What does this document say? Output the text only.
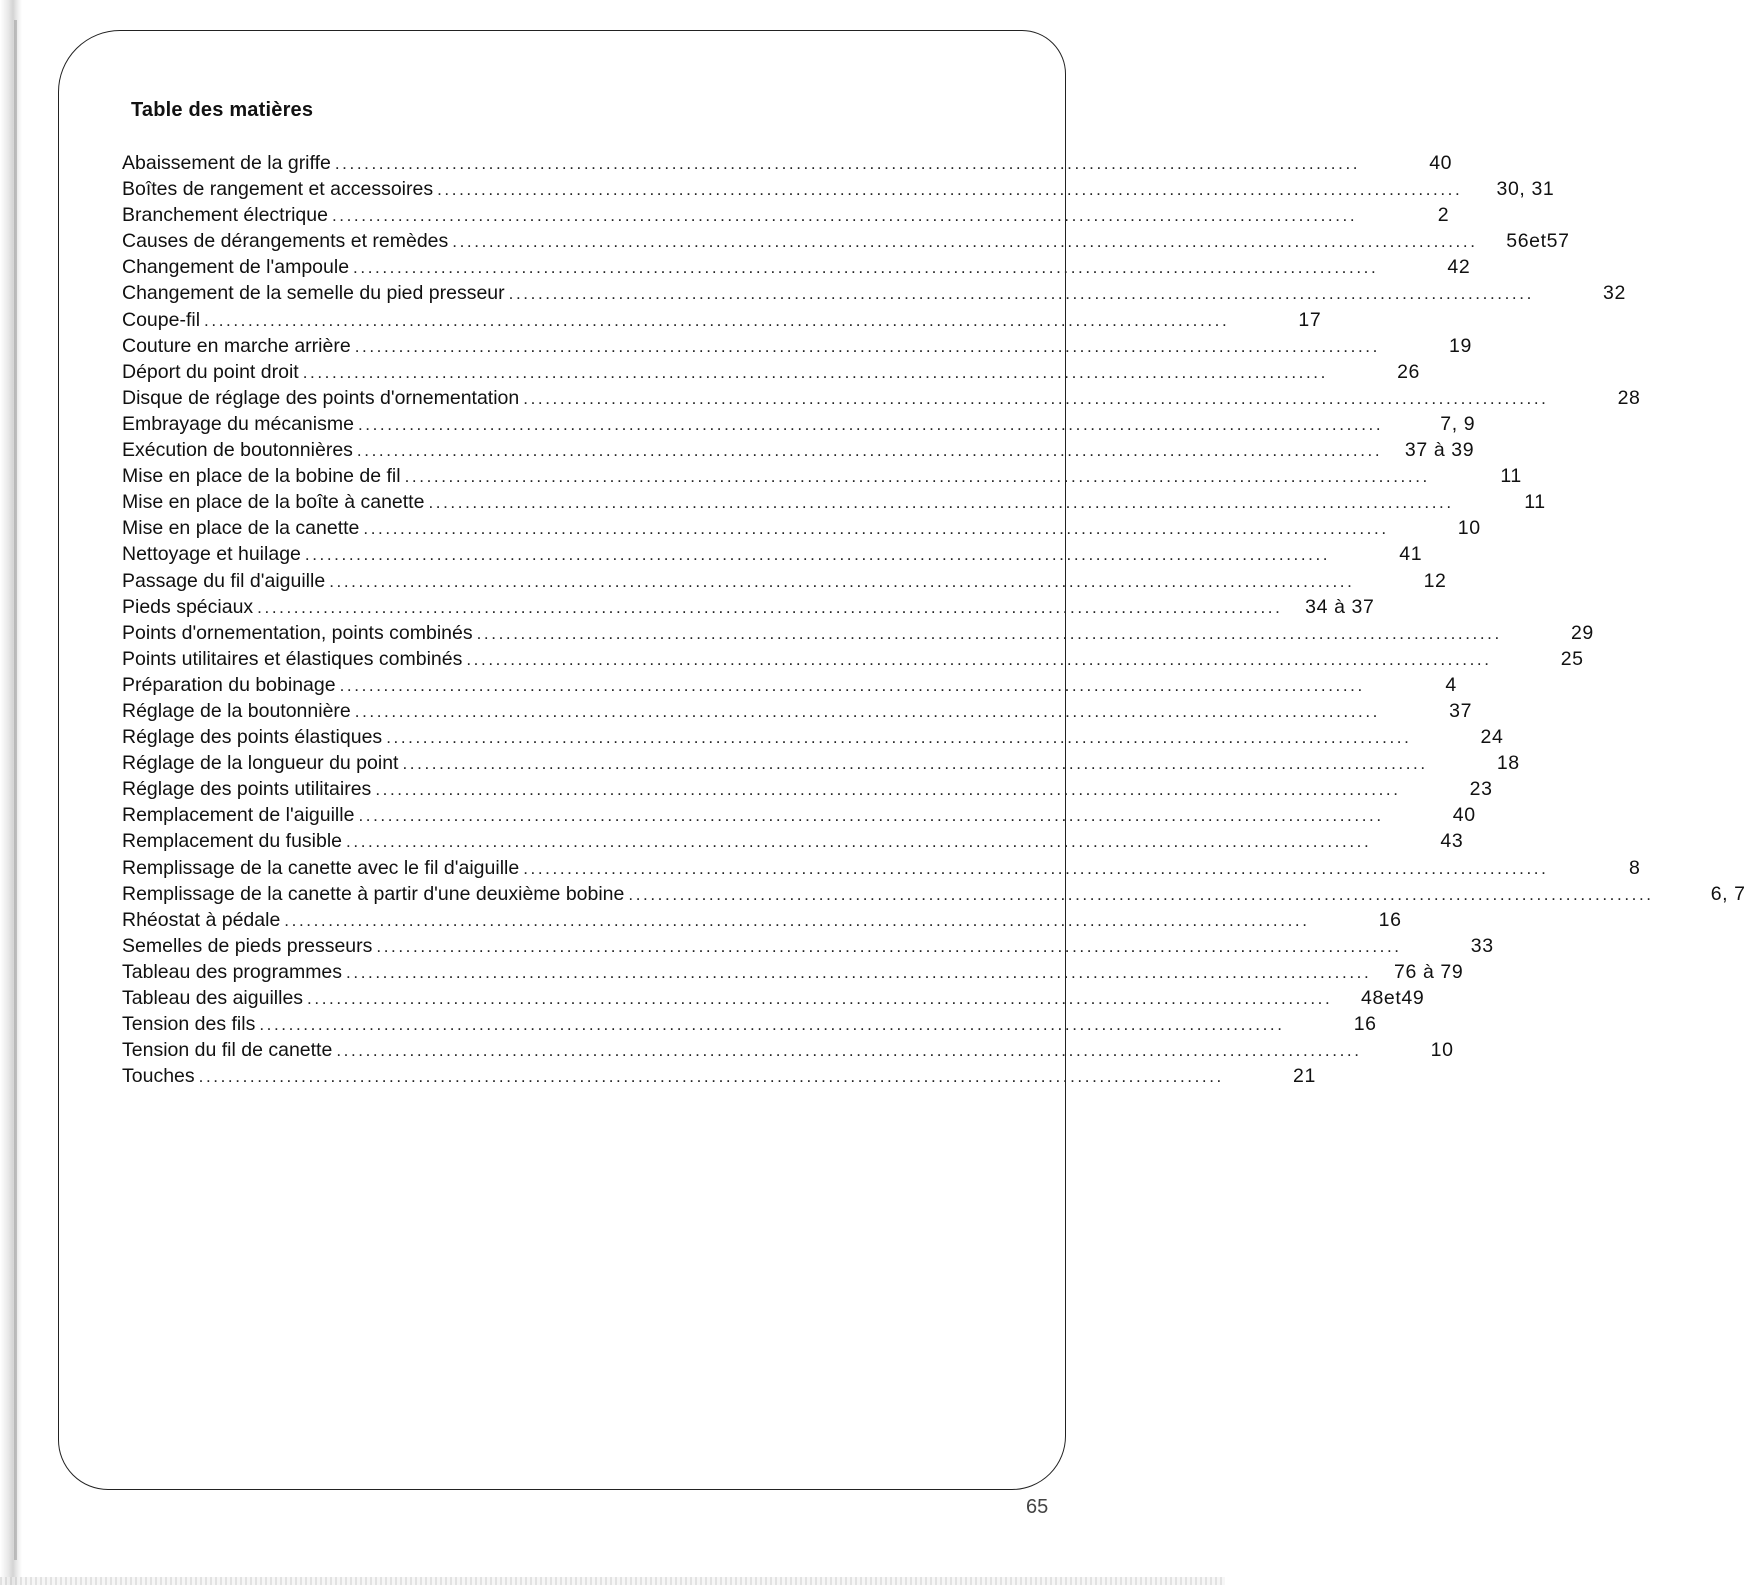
Table des matières
Abaissement de la griffe ............................................................................................................................................	40
Boîtes de rangement et accessoires ............................................................................................................................................	30, 31
Branchement électrique ............................................................................................................................................	2
Causes de dérangements et remèdes ............................................................................................................................................	56et57
Changement de l'ampoule ............................................................................................................................................	42
Changement de la semelle du pied presseur ............................................................................................................................................	32
Coupe-fil ............................................................................................................................................	17
Couture en marche arrière ............................................................................................................................................	19
Déport du point droit ............................................................................................................................................	26
Disque de réglage des points d'ornementation ............................................................................................................................................	28
Embrayage du mécanisme ............................................................................................................................................	7, 9
Exécution de boutonnières ............................................................................................................................................	37 à 39
Mise en place de la bobine de fil ............................................................................................................................................	11
Mise en place de la boîte à canette ............................................................................................................................................	11
Mise en place de la canette ............................................................................................................................................	10
Nettoyage et huilage ............................................................................................................................................	41
Passage du fil d'aiguille ............................................................................................................................................	12
Pieds spéciaux ............................................................................................................................................	34 à 37
Points d'ornementation, points combinés ............................................................................................................................................	29
Points utilitaires et élastiques combinés ............................................................................................................................................	25
Préparation du bobinage ............................................................................................................................................	4
Réglage de la boutonnière ............................................................................................................................................	37
Réglage des points élastiques ............................................................................................................................................	24
Réglage de la longueur du point ............................................................................................................................................	18
Réglage des points utilitaires ............................................................................................................................................	23
Remplacement de l'aiguille ............................................................................................................................................	40
Remplacement du fusible ............................................................................................................................................	43
Remplissage de la canette avec le fil d'aiguille ............................................................................................................................................	8
Remplissage de la canette à partir d'une deuxième bobine ............................................................................................................................................	6, 7
Rhéostat à pédale ............................................................................................................................................	16
Semelles de pieds presseurs ............................................................................................................................................	33
Tableau des programmes ............................................................................................................................................	76 à 79
Tableau des aiguilles ............................................................................................................................................	48et49
Tension des fils ............................................................................................................................................	16
Tension du fil de canette ............................................................................................................................................	10
Touches ............................................................................................................................................	21

65
